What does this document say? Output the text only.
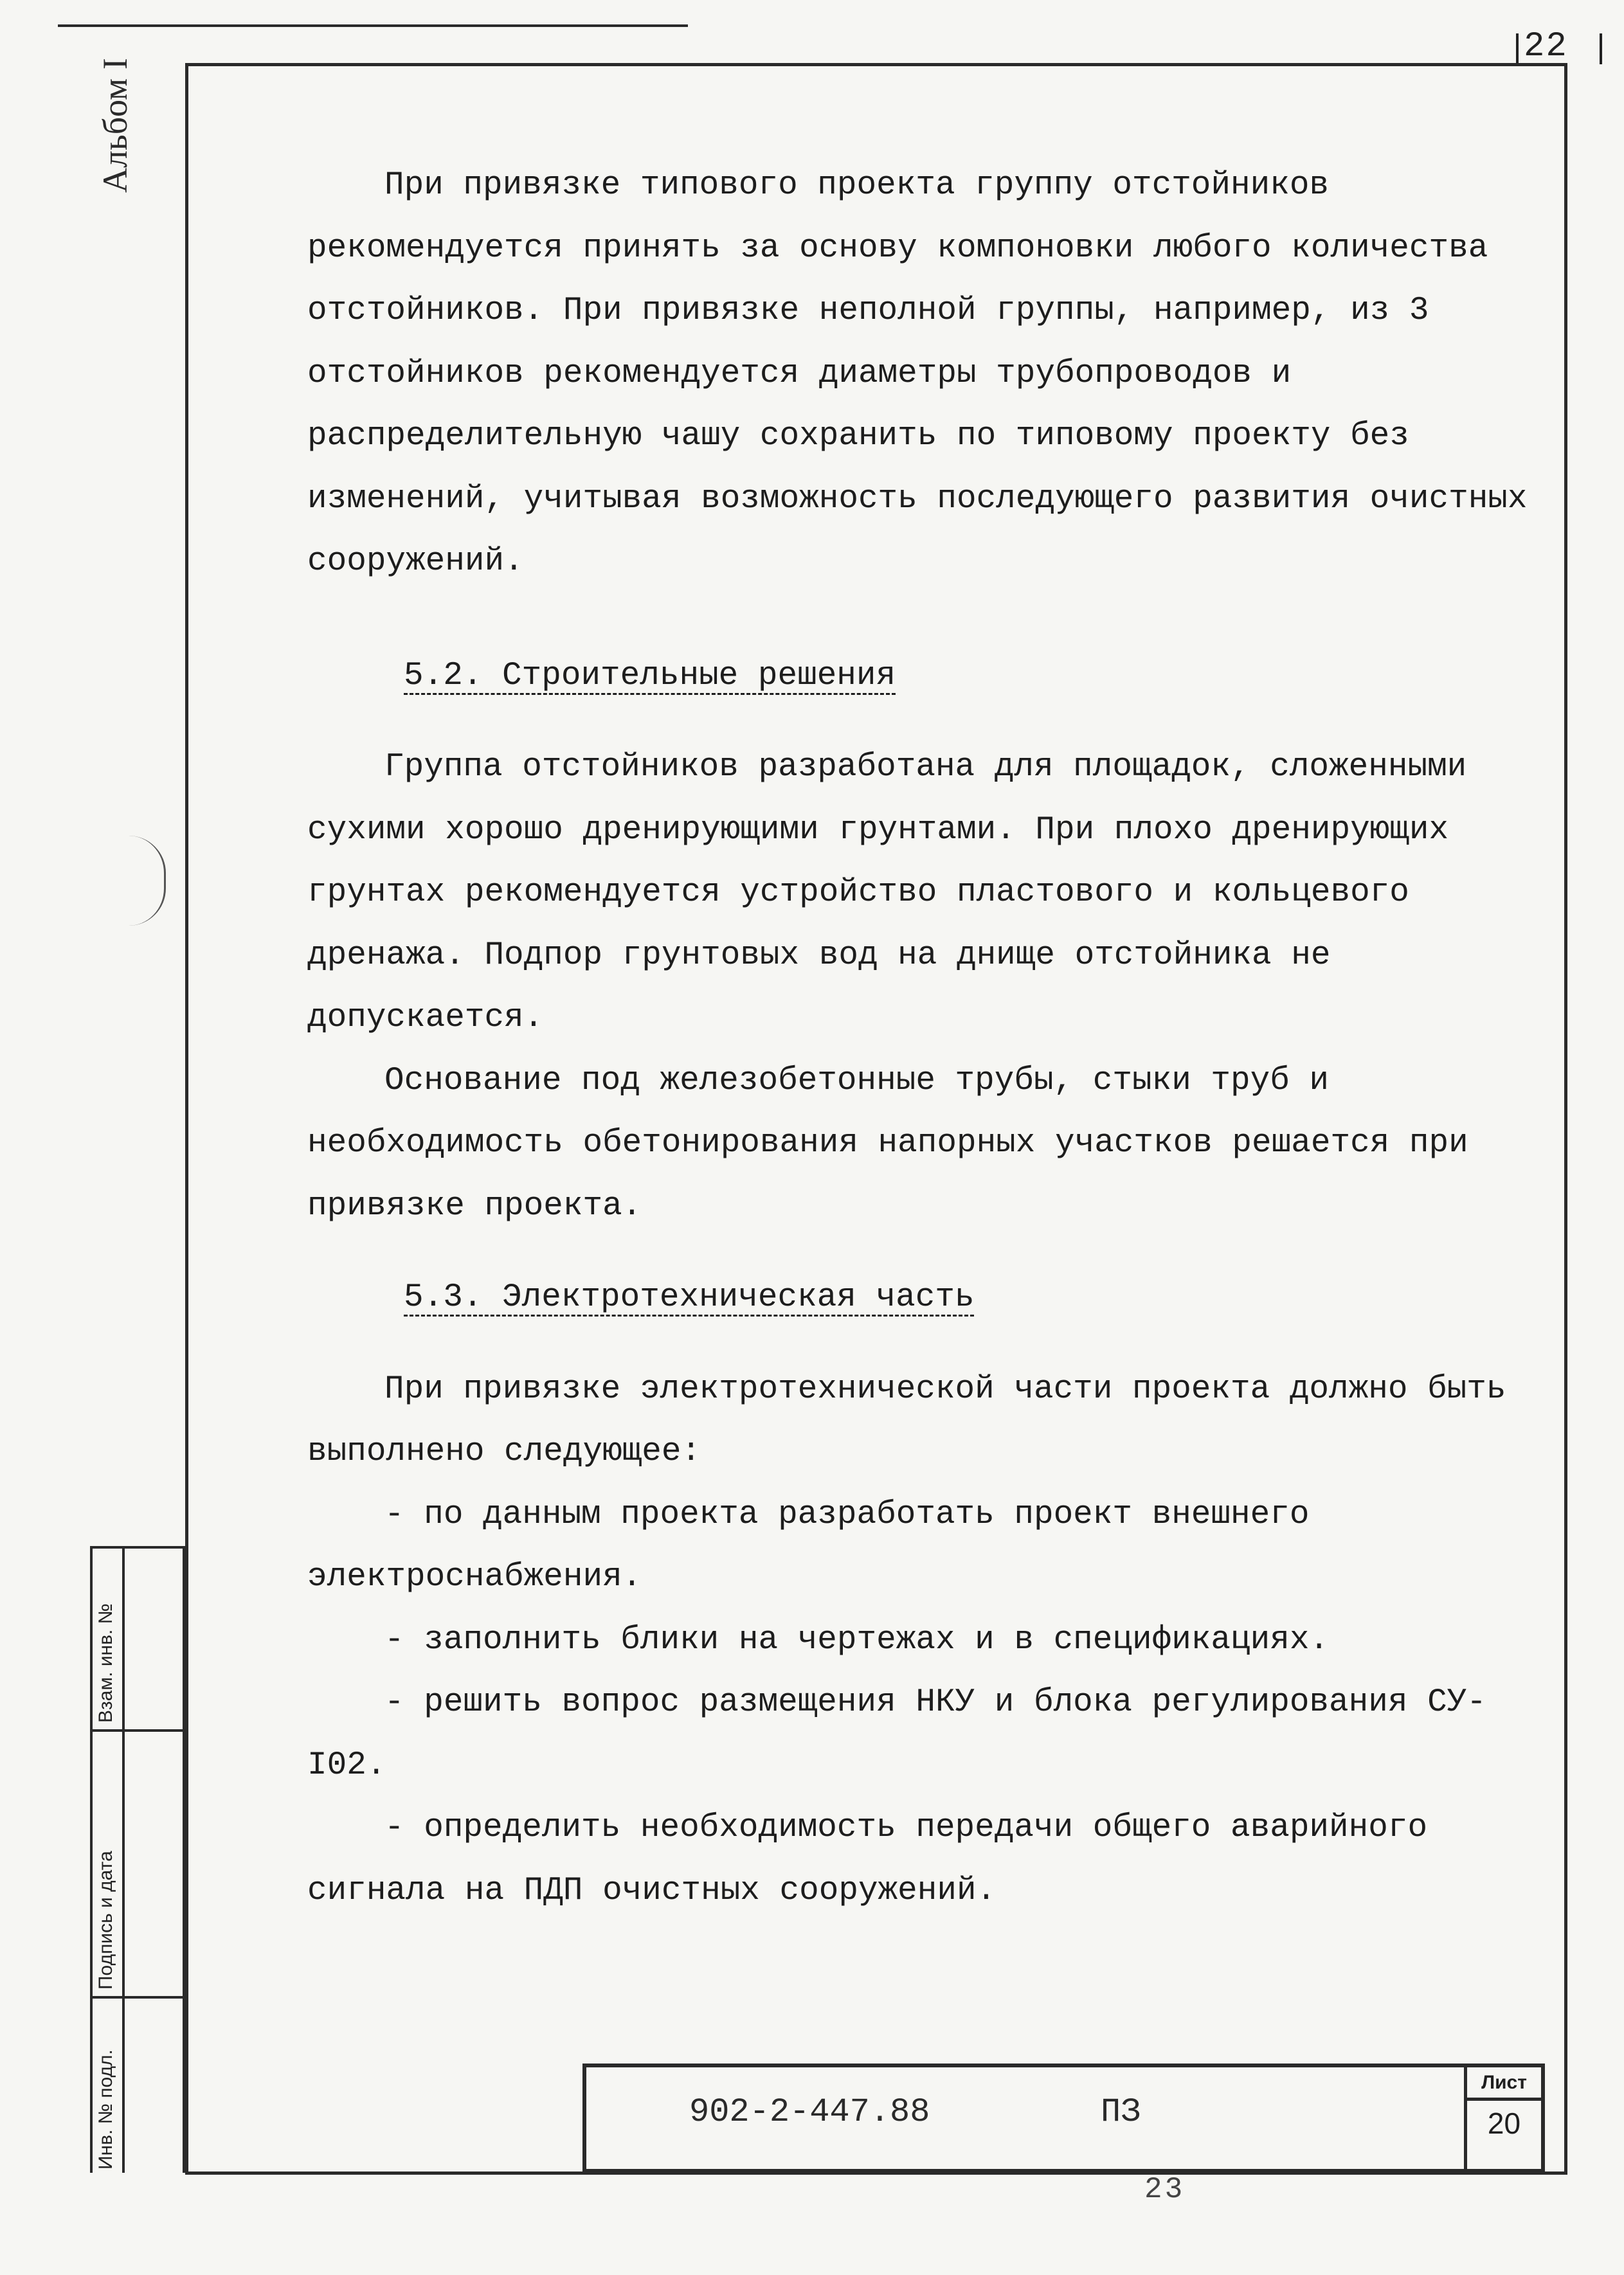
22
Альбом I	При привязке типового проекта группу отстойников рекомендуется принять за основу компоновки любого количества отстойников. При привязке неполной группы, например, из 3 отстойников рекомендуется диаметры трубопроводов и распределительную чашу сохранить по типовому проекту без изменений, учитывая возможность последующего развития очистных сооружений.

5.2. Строительные решения

Группа отстойников разработана для площадок, сложенными сухими хорошо дренирующими грунтами. При плохо дренирующих грунтах рекомендуется устройство пластового и кольцевого дренажа. Подпор грунтовых вод на днище отстойника не допускается.

Основание под железобетонные трубы, стыки труб и необходимость обетонирования напорных участков решается при привязке проекта.

5.3. Электротехническая часть

При привязке электротехнической части проекта должно быть выполнено следующее:

- по данным проекта разработать проект внешнего электроснабжения.

- заполнить блики на чертежах и в спецификациях.

- решить вопрос размещения НКУ и блока регулирования СУ-I02.

- определить необходимость передачи общего аварийного сигнала на ПДП очистных сооружений.

Взам. инв. №
Подпись и дата
Инв. № подл.	902-2-447.88	ПЗ
Лист
20
23
